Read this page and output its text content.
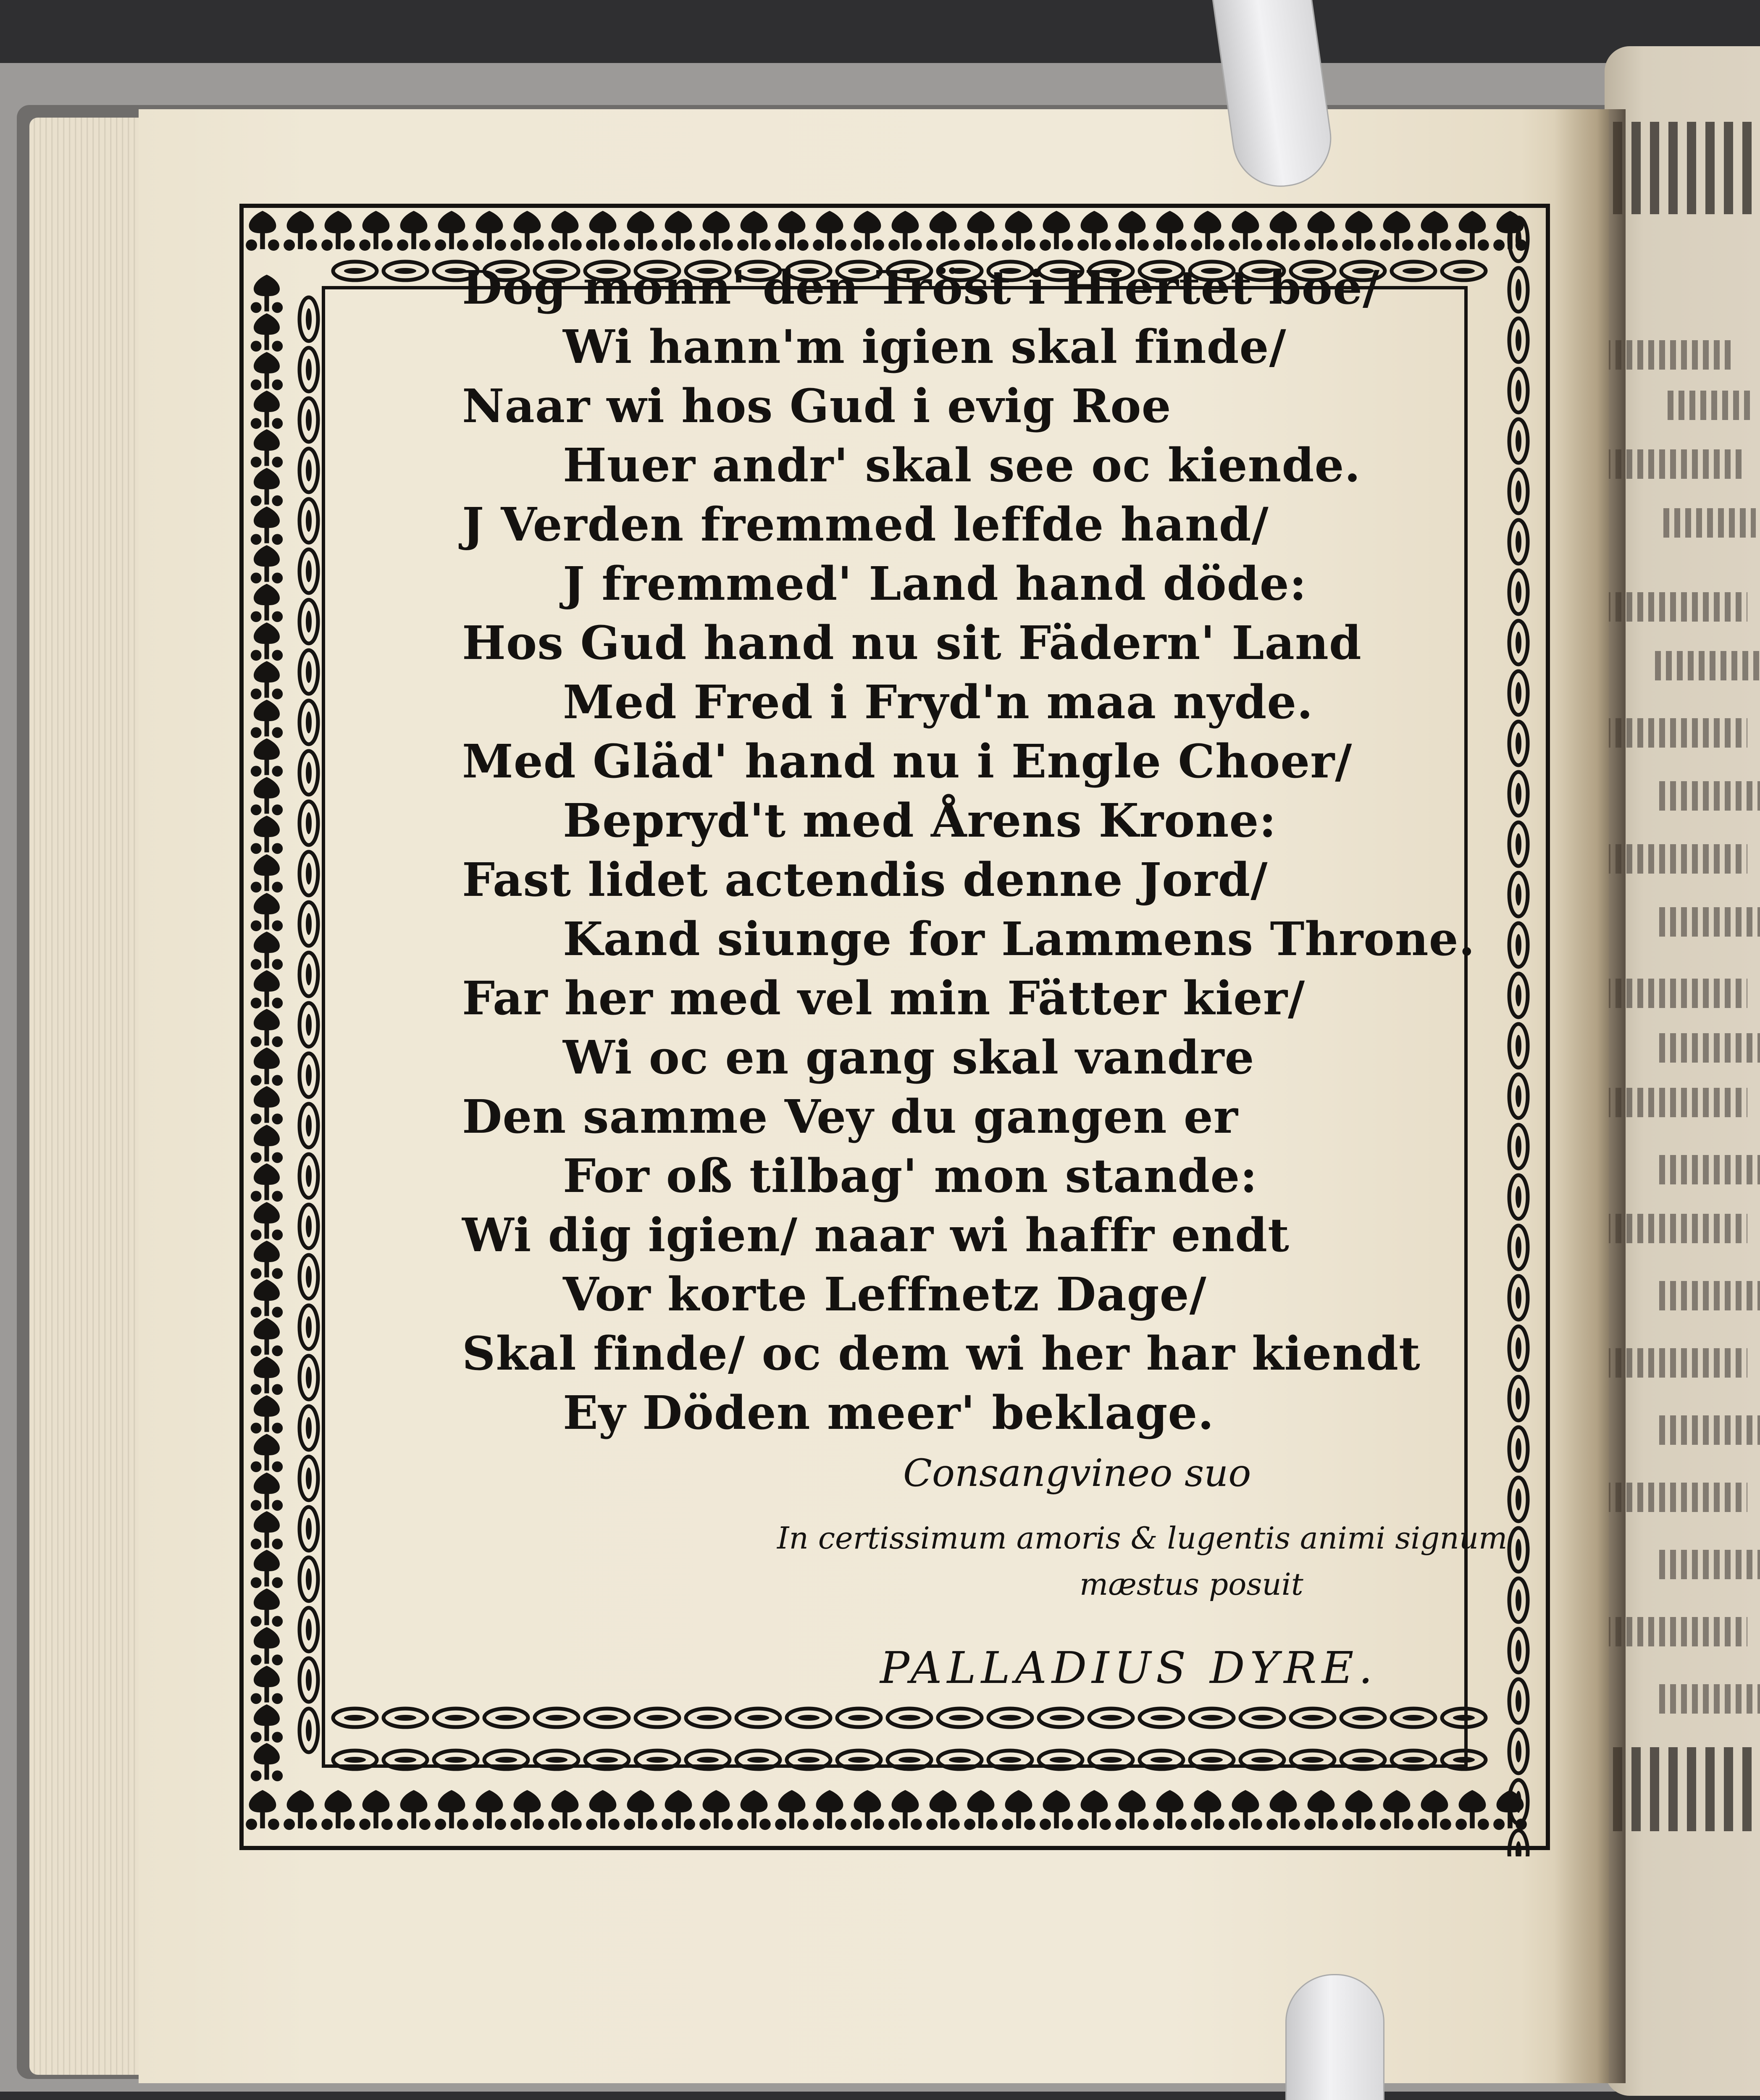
Dog monn' den Tröst i Hiertet boe/
Wi hann'm igien skal finde/
Naar wi hos Gud i evig Roe
Huer andr' skal see oc kiende.
J Verden fremmed leffde hand/
J fremmed' Land hand döde:
Hos Gud hand nu sit Fädern' Land
Med Fred i Fryd'n maa nyde.
Med Gläd' hand nu i Engle Choer/
Bepryd't med Årens Krone:
Fast lidet actendis denne Jord/
Kand siunge for Lammens Throne.
Far her med vel min Fätter kier/
Wi oc en gang skal vandre
Den samme Vey du gangen er
For oß tilbag' mon stande:
Wi dig igien/ naar wi haffr endt
Vor korte Leffnetz Dage/
Skal finde/ oc dem wi her har kiendt
Ey Döden meer' beklage.
Consangvineo suo
In certissimum amoris & lugentis animi signum
mæstus posuit
PALLADIUS DYRE.
